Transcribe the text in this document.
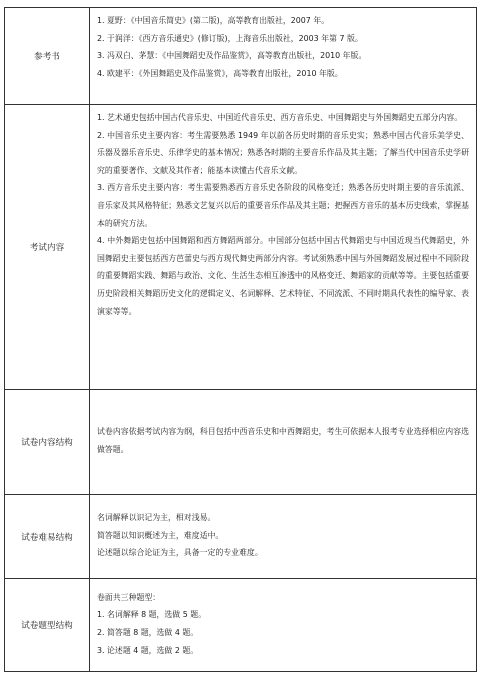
参考书	1. 夏野：《中国音乐简史》(第二版)，高等教育出版社，2007 年。

2. 于润洋：《西方音乐通史》(修订版)，上海音乐出版社，2003 年第 7 版。

3. 冯双白、茅慧：《中国舞蹈史及作品鉴赏》，高等教育出版社，2010 年版。

4. 欧建平：《外国舞蹈史及作品鉴赏》，高等教育出版社，2010 年版。

考试内容	1. 艺术通史包括中国古代音乐史、中国近代音乐史、西方音乐史、中国舞蹈史与外国舞蹈史五部分内容。

2. 中国音乐史主要内容：考生需要熟悉 1949 年以前各历史时期的音乐史实；熟悉中国古代音乐美学史、乐器及器乐音乐史、乐律学史的基本情况；熟悉各时期的主要音乐作品及其主题；了解当代中国音乐史学研究的重要著作、文献及其作者；能基本读懂古代音乐文献。

3. 西方音乐史主要内容：考生需要熟悉西方音乐史各阶段的风格变迁；熟悉各历史时期主要的音乐流派、音乐家及其风格特征；熟悉文艺复兴以后的重要音乐作品及其主题；把握西方音乐的基本历史线索，掌握基本的研究方法。

4. 中外舞蹈史包括中国舞蹈和西方舞蹈两部分。中国部分包括中国古代舞蹈史与中国近现当代舞蹈史，外国舞蹈史主要包括西方芭蕾史与西方现代舞史两部分内容。考试须熟悉中国与外国舞蹈发展过程中不同阶段的重要舞蹈实践、舞蹈与政治、文化、生活生态相互渗透中的风格变迁、舞蹈家的贡献等等。主要包括重要历史阶段相关舞蹈历史文化的逻辑定义、名词解释、艺术特征、不同流派、不同时期具代表性的编导家、表演家等等。

试卷内容结构	试卷内容依据考试内容为纲，科目包括中西音乐史和中西舞蹈史，考生可依据本人报考专业选择相应内容选做答题。

试卷难易结构	名词解释以识记为主，相对浅易。

简答题以知识概述为主，难度适中。

论述题以综合论证为主，具备一定的专业难度。

试卷题型结构	卷面共三种题型：

1. 名词解释 8 题，选做 5 题。

2. 简答题 8 题，选做 4 题。

3. 论述题 4 题，选做 2 题。
